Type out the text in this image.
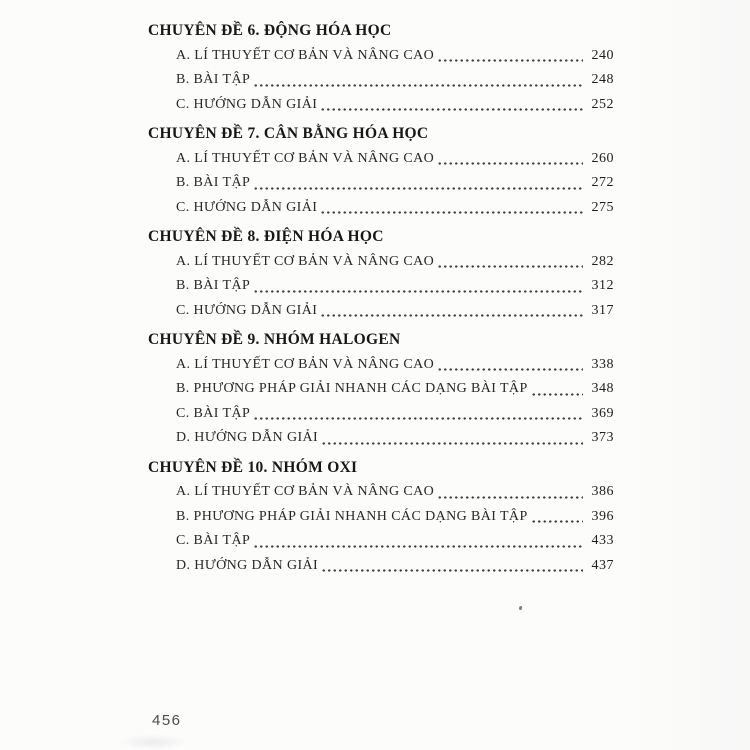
CHUYÊN ĐỀ 6. ĐỘNG HÓA HỌC
A. LÍ THUYẾT CƠ BẢN VÀ NÂNG CAO	240
B. BÀI TẬP	248
C. HƯỚNG DẪN GIẢI	252
CHUYÊN ĐỀ 7. CÂN BẰNG HÓA HỌC
A. LÍ THUYẾT CƠ BẢN VÀ NÂNG CAO	260
B. BÀI TẬP	272
C. HƯỚNG DẪN GIẢI	275
CHUYÊN ĐỀ 8. ĐIỆN HÓA HỌC
A. LÍ THUYẾT CƠ BẢN VÀ NÂNG CAO	282
B. BÀI TẬP	312
C. HƯỚNG DẪN GIẢI	317
CHUYÊN ĐỀ 9. NHÓM HALOGEN
A. LÍ THUYẾT CƠ BẢN VÀ NÂNG CAO	338
B. PHƯƠNG PHÁP GIẢI NHANH CÁC DẠNG BÀI TẬP	348
C. BÀI TẬP	369
D. HƯỚNG DẪN GIẢI	373
CHUYÊN ĐỀ 10. NHÓM OXI
A. LÍ THUYẾT CƠ BẢN VÀ NÂNG CAO	386
B. PHƯƠNG PHÁP GIẢI NHANH CÁC DẠNG BÀI TẬP	396
C. BÀI TẬP	433
D. HƯỚNG DẪN GIẢI	437
456
